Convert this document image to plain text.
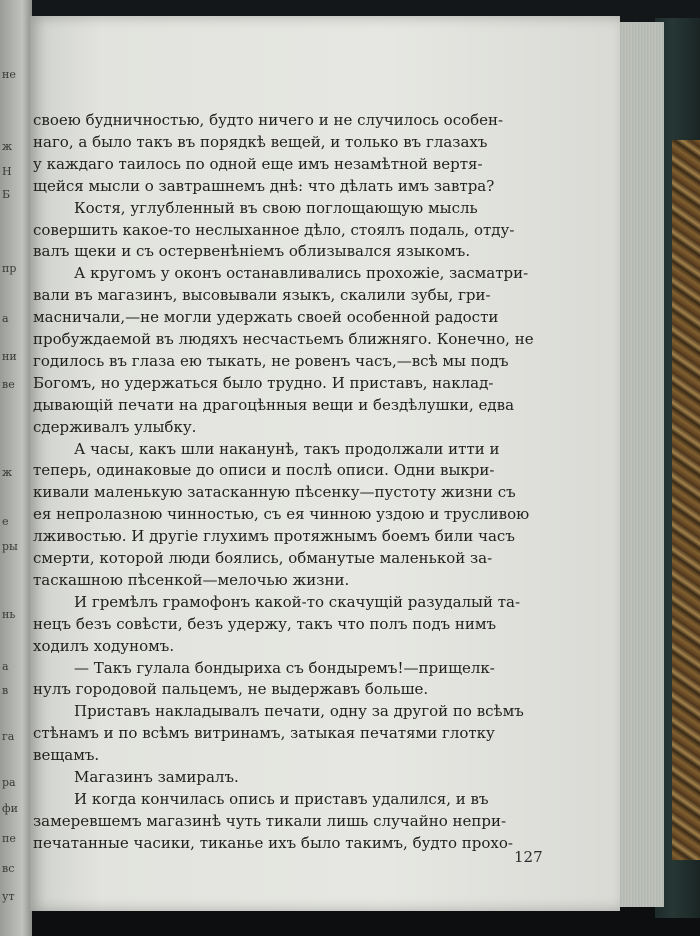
не
ж
Н
Б
пр
а
ни
вe
ж
е
ры
нь
а
в
га
ра
фи
пе
вс
ут
своею будничностью, будто ничего и не случилось особен-
наго, а было такъ въ порядкѣ вещей, и только въ глазахъ
у каждаго таилось по одной еще имъ незамѣтной вертя-
щейся мысли о завтрашнемъ днѣ: что дѣлать имъ завтра?
Костя, углубленный въ свою поглощающую мысль
совершить какое-то неслыханное дѣло, стоялъ подаль, отду-
валъ щеки и съ остервенѣніемъ облизывался языкомъ.
А кругомъ у оконъ останавливались прохожіе, засматри-
вали въ магазинъ, высовывали языкъ, скалили зубы, гри-
масничали,—не могли удержать своей особенной радости
пробуждаемой въ людяхъ несчастьемъ ближняго. Конечно, не
годилось въ глаза ею тыкать, не ровенъ часъ,—всѣ мы подъ
Богомъ, но удержаться было трудно. И приставъ, наклад-
дывающій печати на драгоцѣнныя вещи и бездѣлушки, едва
сдерживалъ улыбку.
А часы, какъ шли наканунѣ, такъ продолжали итти и
теперь, одинаковые до описи и послѣ описи. Одни выкри-
кивали маленькую затасканную пѣсенку—пустоту жизни съ
ея непролазною чинностью, съ ея чинною уздою и трусливою
лживостью. И другіе глухимъ протяжнымъ боемъ били часъ
смерти, которой люди боялись, обманутые маленькой за-
таскашною пѣсенкой—мелочью жизни.
И гремѣлъ грамофонъ какой-то скачущій разудалый та-
нецъ безъ совѣсти, безъ удержу, такъ что полъ подъ нимъ
ходилъ ходуномъ.
— Такъ гулала бондыриха съ бондыремъ!—прищелк-
нулъ городовой пальцемъ, не выдержавъ больше.
Приставъ накладывалъ печати, одну за другой по всѣмъ
стѣнамъ и по всѣмъ витринамъ, затыкая печатями глотку
вещамъ.
Магазинъ замиралъ.
И когда кончилась опись и приставъ удалился, и въ
замеревшемъ магазинѣ чуть тикали лишь случайно непри-
печатанные часики, тиканье ихъ было такимъ, будто прохо-
127
